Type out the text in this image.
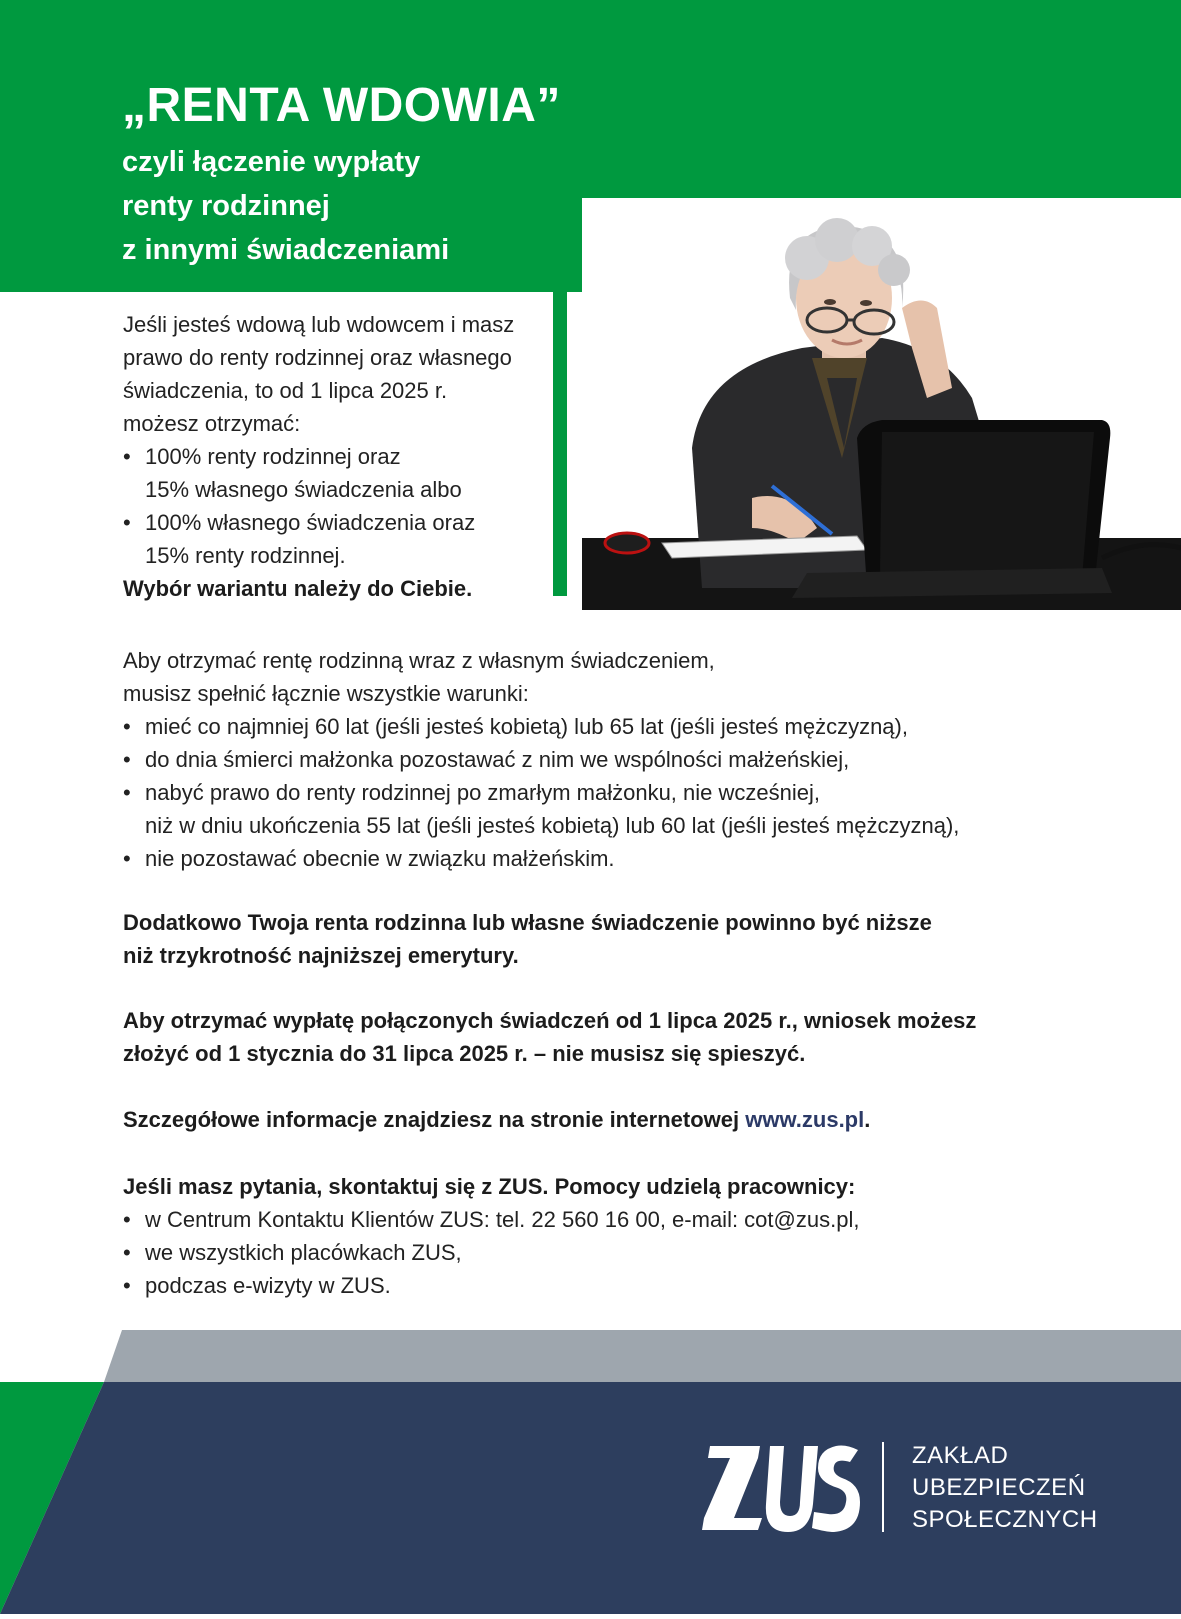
„RENTA WDOWIA”
czyli łączenie wypłaty
renty rodzinnej
z innymi świadczeniami

Jeśli jesteś wdową lub wdowcem i masz

prawo do renty rodzinnej oraz własnego

świadczenia, to od 1 lipca 2025 r.

możesz otrzymać:

• 100% renty rodzinnej oraz

15% własnego świadczenia albo

• 100% własnego świadczenia oraz

15% renty rodzinnej.

Wybór wariantu należy do Ciebie.

Aby otrzymać rentę rodzinną wraz z własnym świadczeniem,

musisz spełnić łącznie wszystkie warunki:

• mieć co najmniej 60 lat (jeśli jesteś kobietą) lub 65 lat (jeśli jesteś mężczyzną),

• do dnia śmierci małżonka pozostawać z nim we wspólności małżeńskiej,

• nabyć prawo do renty rodzinnej po zmarłym małżonku, nie wcześniej,

niż w dniu ukończenia 55 lat (jeśli jesteś kobietą) lub 60 lat (jeśli jesteś mężczyzną),

• nie pozostawać obecnie w związku małżeńskim.

Dodatkowo Twoja renta rodzinna lub własne świadczenie powinno być niższe

niż trzykrotność najniższej emerytury.

Aby otrzymać wypłatę połączonych świadczeń od 1 lipca 2025 r., wniosek możesz

złożyć od 1 stycznia do 31 lipca 2025 r. – nie musisz się spieszyć.

Szczegółowe informacje znajdziesz na stronie internetowej www.zus.pl.

Jeśli masz pytania, skontaktuj się z ZUS. Pomocy udzielą pracownicy:

• w Centrum Kontaktu Klientów ZUS: tel. 22 560 16 00, e-mail: cot@zus.pl,

• we wszystkich placówkach ZUS,

• podczas e-wizyty w ZUS.

ZAKŁAD
UBEZPIECZEŃ
SPOŁECZNYCH
